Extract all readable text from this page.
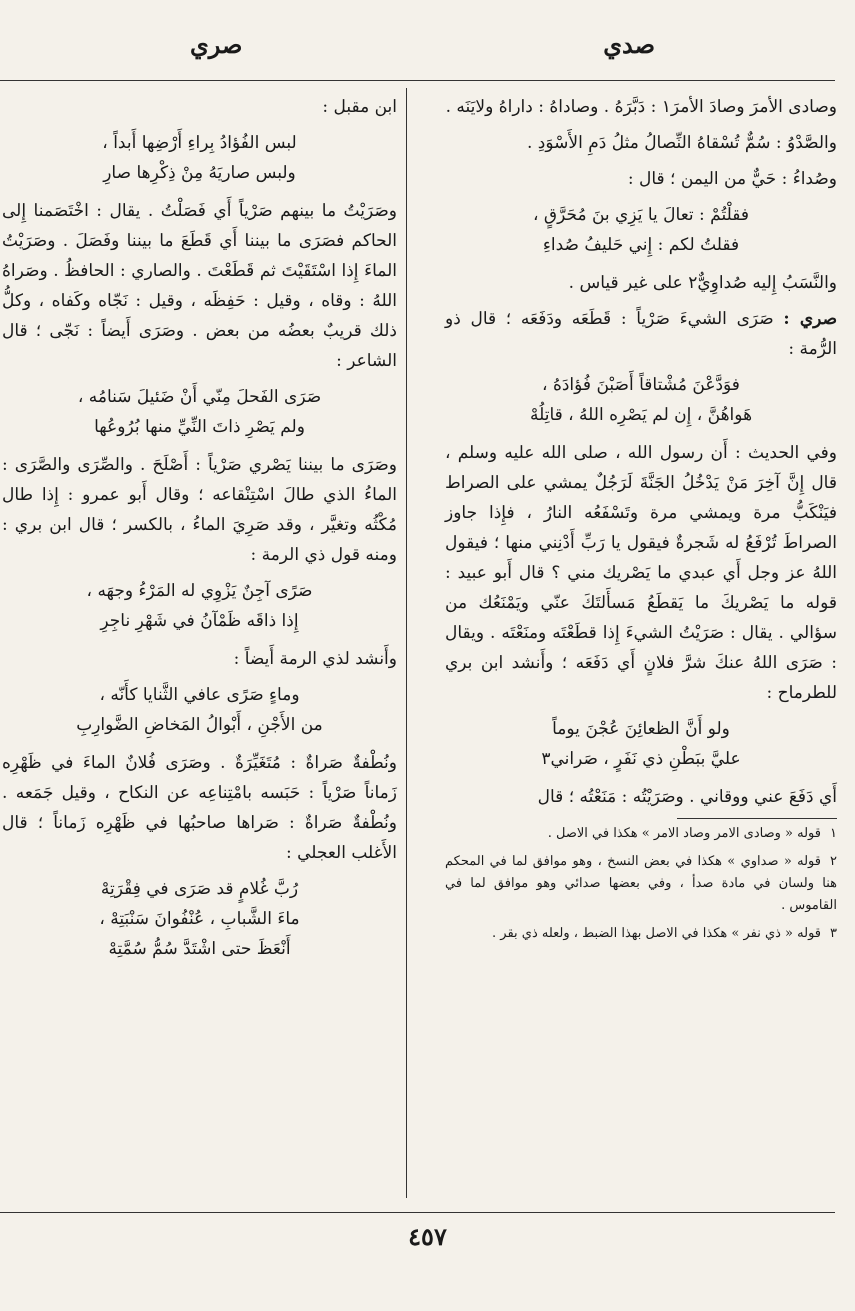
صدي
صري

وصادى الأمرَ وصادَ الأمرَ١ : دَبَّرَهُ . وصاداهُ : داراهُ ولايَنَه .

والصَّدْوُ : سُمٌّ تُسْقاهُ النِّصالُ مثلُ دَمِ الأَسْوَدِ .

وصُداءُ : حَيٌّ من اليمن ؛ قال :

فقلْتُمْ : تعالَ يا يَزِي بنَ مُحَرَّقٍ ،
فقلتُ لكم : إِني حَليفُ صُداءِ

والنَّسَبُ إِليه صُداوِيٌّ٢ على غير قياس .

صري : صَرَى الشيءَ صَرْياً : قَطَعَه ودَفَعَه ؛ قال ذو الرُّمة :

فوَدَّعْنَ مُشْتاقاً أَصَبْنَ فُؤادَهُ ،
هَواهُنَّ ، إِن لم يَصْرِه اللهُ ، قاتِلُهْ

وفي الحديث : أَن رسول الله ، صلى الله عليه وسلم ، قال إِنَّ آخِرَ مَنْ يَدْخُلُ الجَنَّةَ لَرَجُلٌ يمشي على الصراط فيَنْكَبُّ مرة ويمشي مرة وتَسْفَعُه النارُ ، فإِذا جاوز الصراطَ تُرْفَعُ له شَجرةٌ فيقول يا رَبِّ أَدْنِني منها ؛ فيقول اللهُ عز وجل أَي عبدي ما يَصْريك مني ؟ قال أَبو عبيد : قوله ما يَصْريكَ ما يَقطَعُ مَسأَلتَكَ عنّي ويَمْنَعُك من سؤالي . يقال : صَرَيْتُ الشيءَ إِذا قطَعْتَه ومنَعْتَه . ويقال : صَرَى اللهُ عنكَ شرَّ فلانٍ أَي دَفَعَه ؛ وأَنشد ابن بري للطرماح :

ولو أَنَّ الظعائِنَ عُجْنَ يوماً
عليَّ ببَطْنِ ذي نَفَرٍ ، صَراني٣

أَي دَفَعَ عني ووقاني . وصَرَيْتُه : مَنَعْتُه ؛ قال

١قوله « وصادى الامر وصاد الامر » هكذا في الاصل .

٢قوله « صداوي » هكذا في بعض النسخ ، وهو موافق لما في المحكم هنا ولسان في مادة صدأ ، وفي بعضها صدائي وهو موافق لما في القاموس .

٣قوله « ذي نفر » هكذا في الاصل بهذا الضبط ، ولعله ذي بقر .

ابن مقبل :

لبس الفُؤادُ بِراءِ أَرْضِها أَبداً ،
ولبس صاريَهُ مِنْ ذِكْرِها صارِ

وصَرَيْتُ ما بينهم صَرْياً أَي فَصَلْتُ . يقال : اخْتَصَمنا إِلى الحاكم فصَرَى ما بيننا أَي قَطَعَ ما بيننا وفَصَلَ . وصَرَيْتُ الماءَ إِذا اسْتَقَيْتَ ثم قَطَعْتَ . والصاري : الحافظُ . وصَراهُ اللهُ : وقاه ، وقيل : حَفِظَه ، وقيل : نَجّاه وكَفاه ، وكلُّ ذلك قريبٌ بعضُه من بعض . وصَرَى أَيضاً : نَجّى ؛ قال الشاعر :

صَرَى الفَحلَ مِنّي أَنْ ضَئيلَ سَنامُه ،
ولم يَصْرِ ذاتَ النِّيِّ منها بُرُوعُها

وصَرَى ما بيننا يَصْري صَرْياً : أَصْلَحَ . والصِّرَى والصَّرَى : الماءُ الذي طالَ اسْتِنْقاعه ؛ وقال أَبو عمرو : إِذا طال مُكْثُه وتغيَّر ، وقد صَرِيَ الماءُ ، بالكسر ؛ قال ابن بري : ومنه قول ذي الرمة :

صَرًى آجِنٌ يَزْوِي له المَرْءُ وجهَه ،
إِذا ذاقَه ظَمْآنُ في شَهْرِ ناجِرِ

وأَنشد لذي الرمة أَيضاً :

وماءٍ صَرًى عافي الثَّنايا كأَنّه ،
من الأَجْنِ ، أَبْوالُ المَخاضِ الضَّوارِبِ

ونُطْفةٌ صَراةٌ : مُتَغَيِّرَةٌ . وصَرَى فُلانٌ الماءَ في ظَهْرِه زَماناً صَرْياً : حَبَسه بامْتِناعِه عن النكاح ، وقيل جَمَعه . ونُطْفةٌ صَراةٌ : صَراها صاحبُها في ظَهْرِه زَماناً ؛ قال الأَغلب العجلي :

رُبَّ غُلامٍ قد صَرَى في فِقْرَتِهْ
ماءَ الشَّبابِ ، عُنْفُوانَ سَنْبَتِهْ ،
أَنْعَظَ حتى اشْتَدَّ سُمُّ سُمَّتِهْ
٤٥٧
